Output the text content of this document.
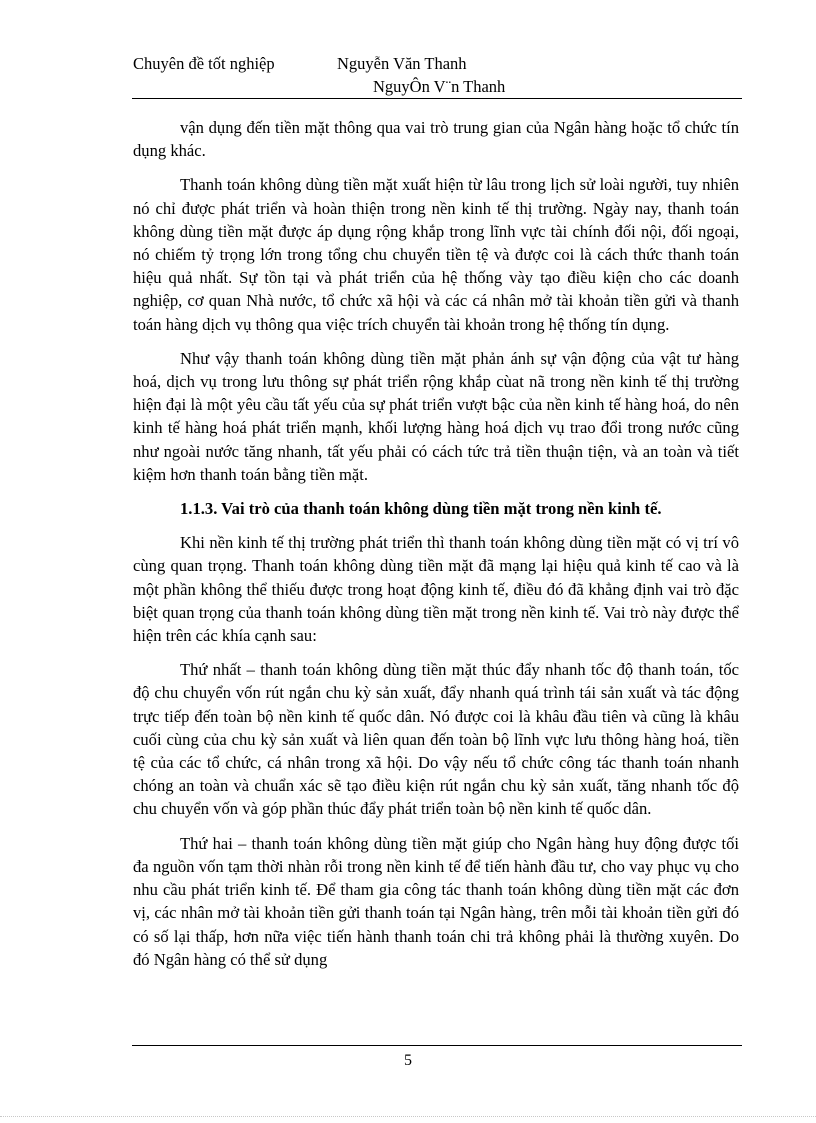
Chuyên đề tốt nghiệp	Nguyễn Văn Thanh
NguyÔn V¨n Thanh

vận dụng đến tiền mặt thông qua vai trò trung gian của Ngân hàng hoặc tổ chức tín dụng khác.

Thanh toán không dùng tiền mặt xuất hiện từ lâu trong lịch sử loài người, tuy nhiên nó chỉ được phát triển và hoàn thiện trong nền kinh tế thị trường. Ngày nay, thanh toán không dùng tiền mặt được áp dụng rộng khắp trong lĩnh vực tài chính đối nội, đối ngoại, nó chiếm tỷ trọng lớn trong tổng chu chuyển tiền tệ và được coi là cách thức thanh toán hiệu quả nhất. Sự tồn tại và phát triển của hệ thống vày tạo điều kiện cho các doanh nghiệp, cơ quan Nhà nước, tổ chức xã hội và các cá nhân mở tài khoản tiền gửi và thanh toán hàng dịch vụ thông qua việc trích chuyển tài khoản trong hệ thống tín dụng.

Như vậy thanh toán không dùng tiền mặt phản ánh sự vận động của vật tư hàng hoá, dịch vụ trong lưu thông sự phát triển rộng khắp cùat nã trong nền kinh tế thị trường hiện đại là một yêu cầu tất yếu của sự phát triển vượt bậc của nền kinh tế hàng hoá, do nên kinh tế hàng hoá phát triển mạnh, khối lượng hàng hoá dịch vụ trao đổi trong nước cũng như ngoài nước tăng nhanh, tất yếu phải có cách tức trả tiền thuận tiện, và an toàn và tiết kiệm hơn thanh toán bằng tiền mặt.

1.1.3. Vai trò của thanh toán không dùng tiền mặt trong nền kinh tế.

Khi nền kinh tế thị trường phát triển thì thanh toán không dùng tiền mặt có vị trí vô cùng quan trọng. Thanh toán không dùng tiền mặt đã mạng lại hiệu quả kinh tế cao và là một phần không thể thiếu được trong hoạt động kinh tế, điều đó đã khẳng định vai trò đặc biệt quan trọng của thanh toán không dùng tiền mặt trong nền kinh tế. Vai trò này được thể hiện trên các khía cạnh sau:

Thứ nhất – thanh toán không dùng tiền mặt thúc đẩy nhanh tốc độ thanh toán, tốc độ chu chuyển vốn rút ngắn chu kỳ sản xuất, đẩy nhanh quá trình tái sản xuất và tác động trực tiếp đến toàn bộ nền kinh tế quốc dân. Nó được coi là khâu đầu tiên và cũng là khâu cuối cùng của chu kỳ sản xuất và liên quan đến toàn bộ lĩnh vực lưu thông hàng hoá, tiền tệ của các tổ chức, cá nhân trong xã hội. Do vậy nếu tổ chức công tác thanh toán nhanh chóng an toàn và chuẩn xác sẽ tạo điều kiện rút ngắn chu kỳ sản xuất, tăng nhanh tốc độ chu chuyển vốn và góp phần thúc đẩy phát triển toàn bộ nền kinh tế quốc dân.

Thứ hai – thanh toán không dùng tiền mặt giúp cho Ngân hàng huy động được tối đa nguồn vốn tạm thời nhàn rỗi trong nền kinh tế để tiến hành đầu tư, cho vay phục vụ cho nhu cầu phát triển kinh tế. Để tham gia công tác thanh toán không dùng tiền mặt các đơn vị, các nhân mở tài khoản tiền gửi thanh toán tại Ngân hàng, trên mỗi tài khoản tiền gửi đó có số lại thấp, hơn nữa việc tiến hành thanh toán chi trả không phải là thường xuyên. Do đó Ngân hàng có thể sử dụng

5
